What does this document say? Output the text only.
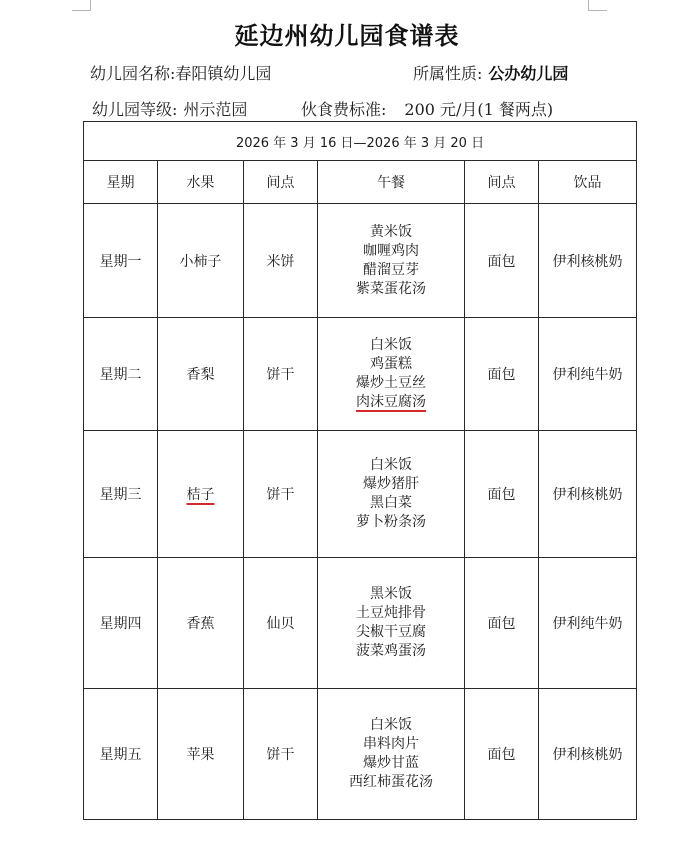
延边州幼儿园食谱表
幼儿园名称:春阳镇幼儿园	所属性质: 公办幼儿园
幼儿园等级: 州示范园	伙食费标准: 200 元/月(1 餐两点)
2026 年 3 月 16 日—2026 年 3 月 20 日					
星期	水果	间点	午餐	间点	饮品
星期一	小柿子	米饼	黄米饭
咖喱鸡肉
醋溜豆芽
紫菜蛋花汤	面包	伊利核桃奶
星期二	香梨	饼干	白米饭
鸡蛋糕
爆炒土豆丝
肉沫豆腐汤	面包	伊利纯牛奶
星期三	桔子	饼干	白米饭
爆炒猪肝
黑白菜
萝卜粉条汤	面包	伊利核桃奶
星期四	香蕉	仙贝	黑米饭
土豆炖排骨
尖椒干豆腐
菠菜鸡蛋汤	面包	伊利纯牛奶
星期五	苹果	饼干	白米饭
串料肉片
爆炒甘蓝
西红柿蛋花汤	面包	伊利核桃奶
